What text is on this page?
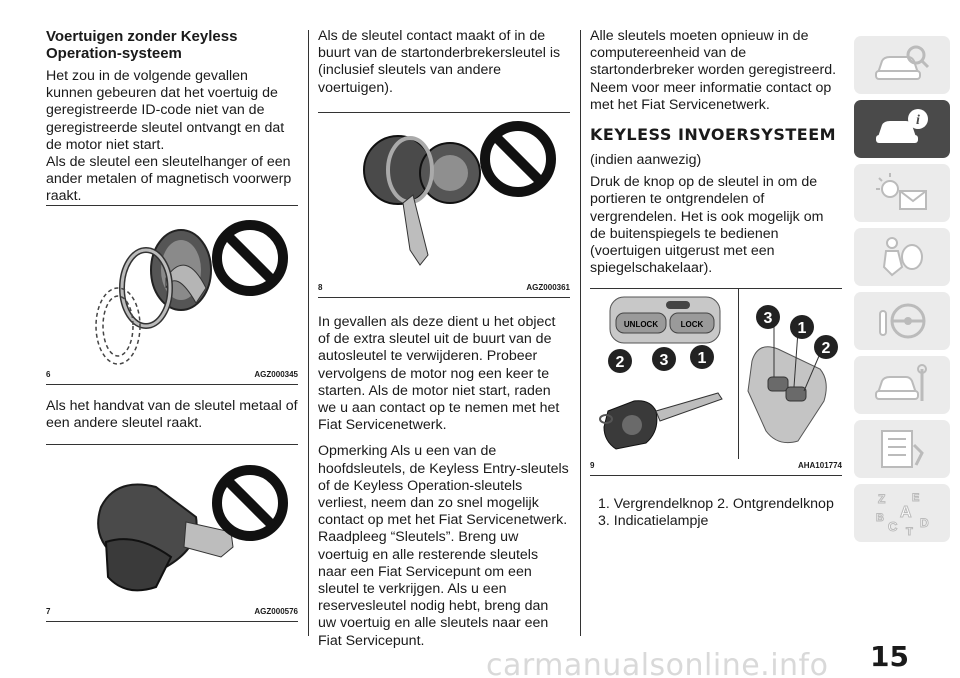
Voertuigen zonder Keyless Operation-systeem

Het zou in de volgende gevallen kunnen gebeuren dat het voertuig de geregistreerde ID-code niet van de geregistreerde sleutel ontvangt en dat de motor niet start.

Als de sleutel een sleutelhanger of een ander metalen of magnetisch voorwerp raakt.

6	AGZ000345

Als het handvat van de sleutel metaal of een andere sleutel raakt.

7	AGZ000576

Als de sleutel contact maakt of in de buurt van de startonderbrekersleutel is (inclusief sleutels van andere voertuigen).

8	AGZ000361

In gevallen als deze dient u het object of de extra sleutel uit de buurt van de autosleutel te verwijderen. Probeer vervolgens de motor nog een keer te starten. Als de motor niet start, raden we u aan contact op te nemen met het Fiat Servicenetwerk.

Opmerking Als u een van de hoofdsleutels, de Keyless Entry-sleutels of de Keyless Operation-sleutels verliest, neem dan zo snel mogelijk contact op met het Fiat Servicenetwerk. Raadpleeg “Sleutels”. Breng uw voertuig en alle resterende sleutels naar een Fiat Servicepunt om een sleutel te verkrijgen. Als u een reservesleutel nodig hebt, breng dan uw voertuig en alle sleutels naar een Fiat Servicepunt.

Alle sleutels moeten opnieuw in de computereenheid van de startonderbreker worden geregistreerd. Neem voor meer informatie contact op met het Fiat Servicenetwerk.

KEYLESS INVOERSYSTEEM

(indien aanwezig)

Druk de knop op de sleutel in om de portieren te ontgrendelen of vergrendelen. Het is ook mogelijk om de buitenspiegels te bedienen (voertuigen uitgerust met een spiegelschakelaar).

UNLOCK	LOCK
2 3 1
3
1
2
9	AHA101774

1. Vergrendelknop 2. Ontgrendelknop 3. Indicatielampje

i
Z E
A
B
C T
D
carmanualsonline.info 15
